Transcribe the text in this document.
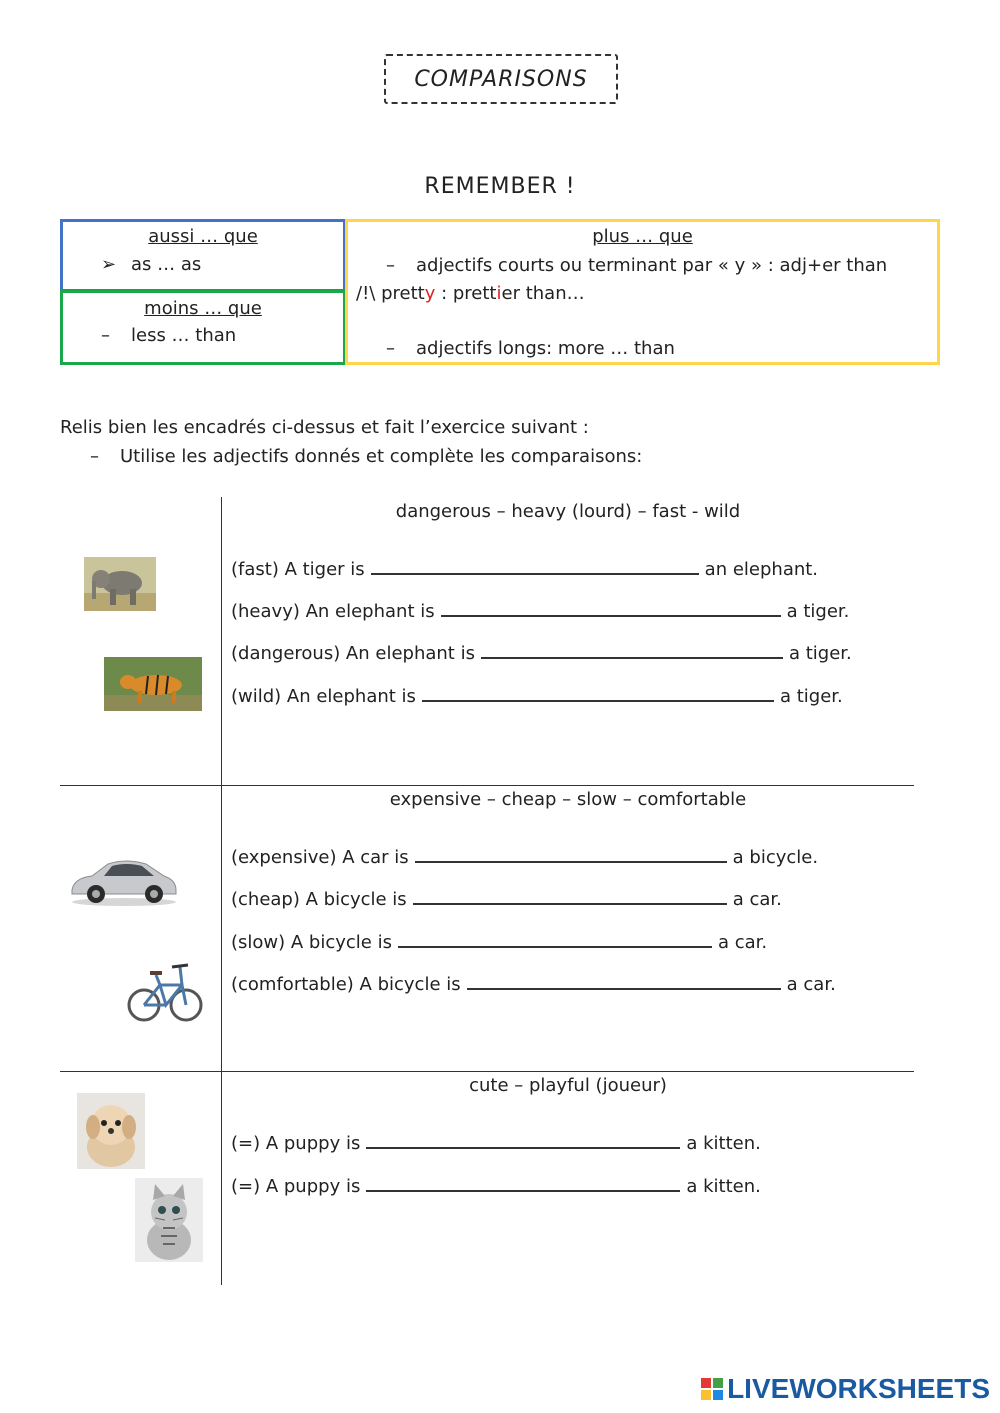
COMPARISONS
REMEMBER !
aussi … que
➢ as … as
moins … que
– less … than
plus … que
– adjectifs courts ou terminant par « y » : adj+er than
/!\ pretty : prettier than…
– adjectifs longs: more … than
Relis bien les encadrés ci-dessus et fait l’exercice suivant :
– Utilise les adjectifs donnés et complète les comparaisons:
dangerous – heavy (lourd) – fast - wild
(fast) A tiger is	an elephant.
(heavy) An elephant is	a tiger.
(dangerous) An elephant is	a tiger.
(wild) An elephant is	a tiger.
expensive – cheap – slow – comfortable
(expensive) A car is	a bicycle.
(cheap) A bicycle is	a car.
(slow) A bicycle is	a car.
(comfortable) A bicycle is	a car.
cute – playful (joueur)
(=) A puppy is	a kitten.
(=) A puppy is	a kitten.
LIVEWORKSHEETS
